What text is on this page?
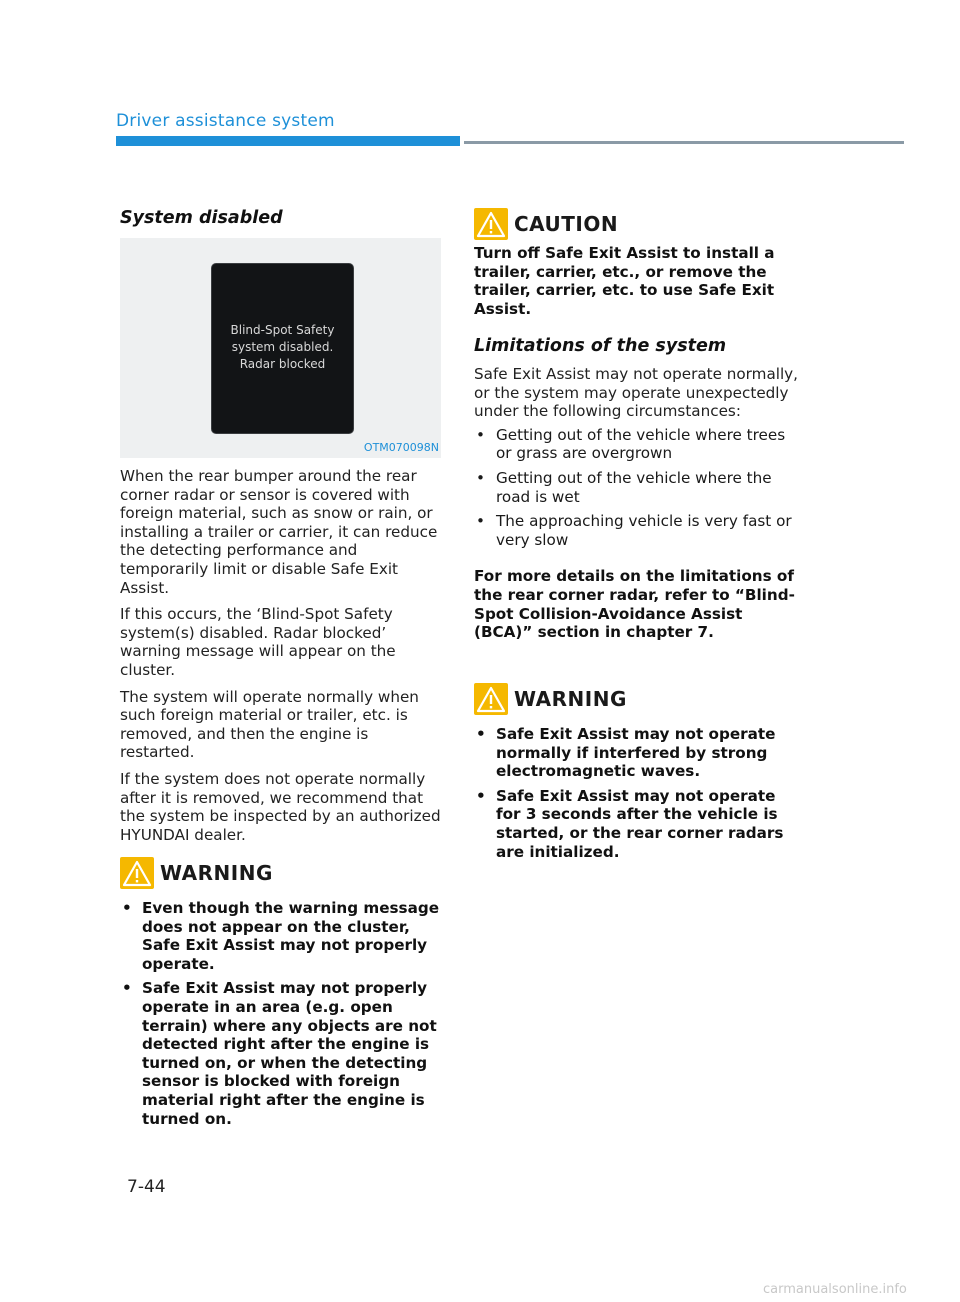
Driver assistance system
System disabled

When the rear bumper around the rear corner radar or sensor is covered with foreign material, such as snow or rain, or installing a trailer or carrier, it can reduce the detecting performance and temporarily limit or disable Safe Exit Assist.

If this occurs, the ‘Blind-Spot Safety system(s) disabled. Radar blocked’ warning message will appear on the cluster.

The system will operate normally when such foreign material or trailer, etc. is removed, and then the engine is restarted.

If the system does not operate normally after it is removed, we recommend that the system be inspected by an authorized HYUNDAI dealer.

WARNING
• Even though the warning message does not appear on the cluster, Safe Exit Assist may not properly operate.
• Safe Exit Assist may not properly operate in an area (e.g. open terrain) where any objects are not detected right after the engine is turned on, or when the detecting sensor is blocked with foreign material right after the engine is turned on.
Blind-Spot Safety
system disabled.
Radar blocked
OTM070098N
CAUTION

Turn off Safe Exit Assist to install a trailer, carrier, etc., or remove the trailer, carrier, etc. to use Safe Exit Assist.

Limitations of the system

Safe Exit Assist may not operate normally, or the system may operate unexpectedly under the following circumstances:

• Getting out of the vehicle where trees or grass are overgrown
• Getting out of the vehicle where the road is wet
• The approaching vehicle is very fast or very slow

For more details on the limitations of the rear corner radar, refer to “Blind-Spot Collision-Avoidance Assist (BCA)” section in chapter 7.

WARNING
• Safe Exit Assist may not operate normally if interfered by strong electromagnetic waves.
• Safe Exit Assist may not operate for 3 seconds after the vehicle is started, or the rear corner radars are initialized.
7-44
carmanualsonline.info
